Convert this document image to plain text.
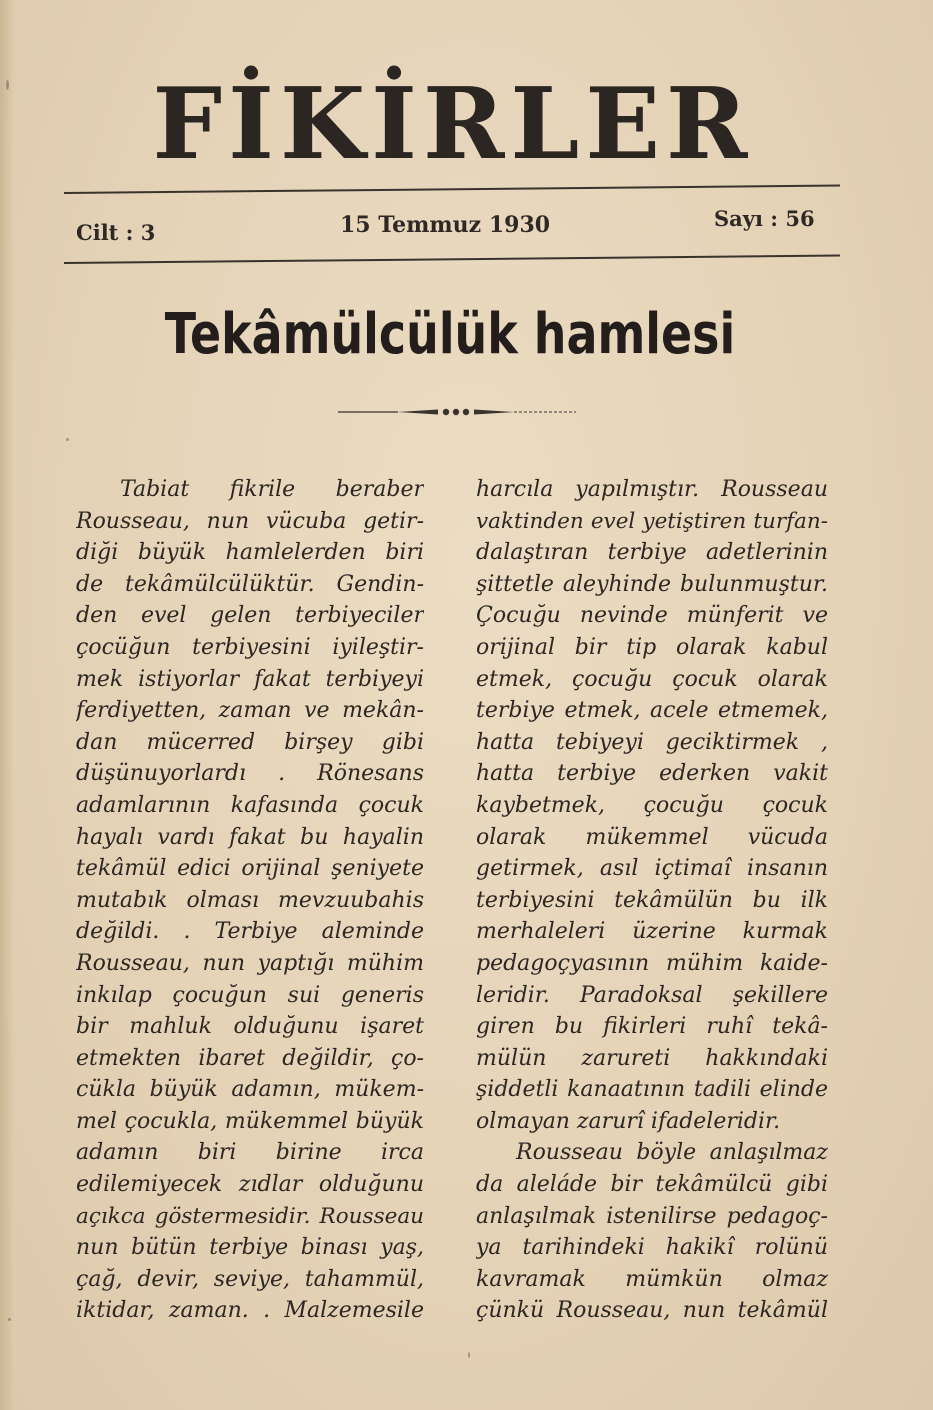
FİKİRLER
Cilt : 3	15 Temmuz 1930	Sayı : 56
Tekâmülcülük hamlesi
Tabiat fikrile beraber
Rousseau, nun vücuba getir-
diği büyük hamlelerden biri
de tekâmülcülüktür. Gendin-
den evel gelen terbiyeciler
çocüğun terbiyesini iyileştir-
mek istiyorlar fakat terbiyeyi
ferdiyetten, zaman ve mekân-
dan mücerred birşey gibi
düşünuyorlardı . Rönesans
adamlarının kafasında çocuk
hayalı vardı fakat bu hayalin
tekâmül edici orijinal şeniyete
mutabık olması mevzuubahis
değildi. . Terbiye aleminde
Rousseau, nun yaptığı mühim
inkılap çocuğun sui generis
bir mahluk olduğunu işaret
etmekten ibaret değildir, ço-
cükla büyük adamın, mükem-
mel çocukla, mükemmel büyük
adamın biri birine irca
edilemiyecek zıdlar olduğunu
açıkca göstermesidir. Rousseau
nun bütün terbiye binası yaş,
çağ, devir, seviye, tahammül,
iktidar, zaman. . Malzemesile
harcıla yapılmıştır. Rousseau
vaktinden evel yetiştiren turfan-
dalaştıran terbiye adetlerinin
şittetle aleyhinde bulunmuştur.
Çocuğu nevinde münferit ve
orijinal bir tip olarak kabul
etmek, çocuğu çocuk olarak
terbiye etmek, acele etmemek,
hatta tebiyeyi geciktirmek ,
hatta terbiye ederken vakit
kaybetmek, çocuğu çocuk
olarak mükemmel vücuda
getirmek, asıl içtimaî insanın
terbiyesini tekâmülün bu ilk
merhaleleri üzerine kurmak
pedagoçyasının mühim kaide-
leridir. Paradoksal şekillere
giren bu fikirleri ruhî tekâ-
mülün zarureti hakkındaki
şiddetli kanaatının tadili elinde
olmayan zarurî ifadeleridir.
Rousseau böyle anlaşılmaz
da aleláde bir tekâmülcü gibi
anlaşılmak istenilirse pedagoç-
ya tarihindeki hakikî rolünü
kavramak mümkün olmaz
çünkü Rousseau, nun tekâmül
